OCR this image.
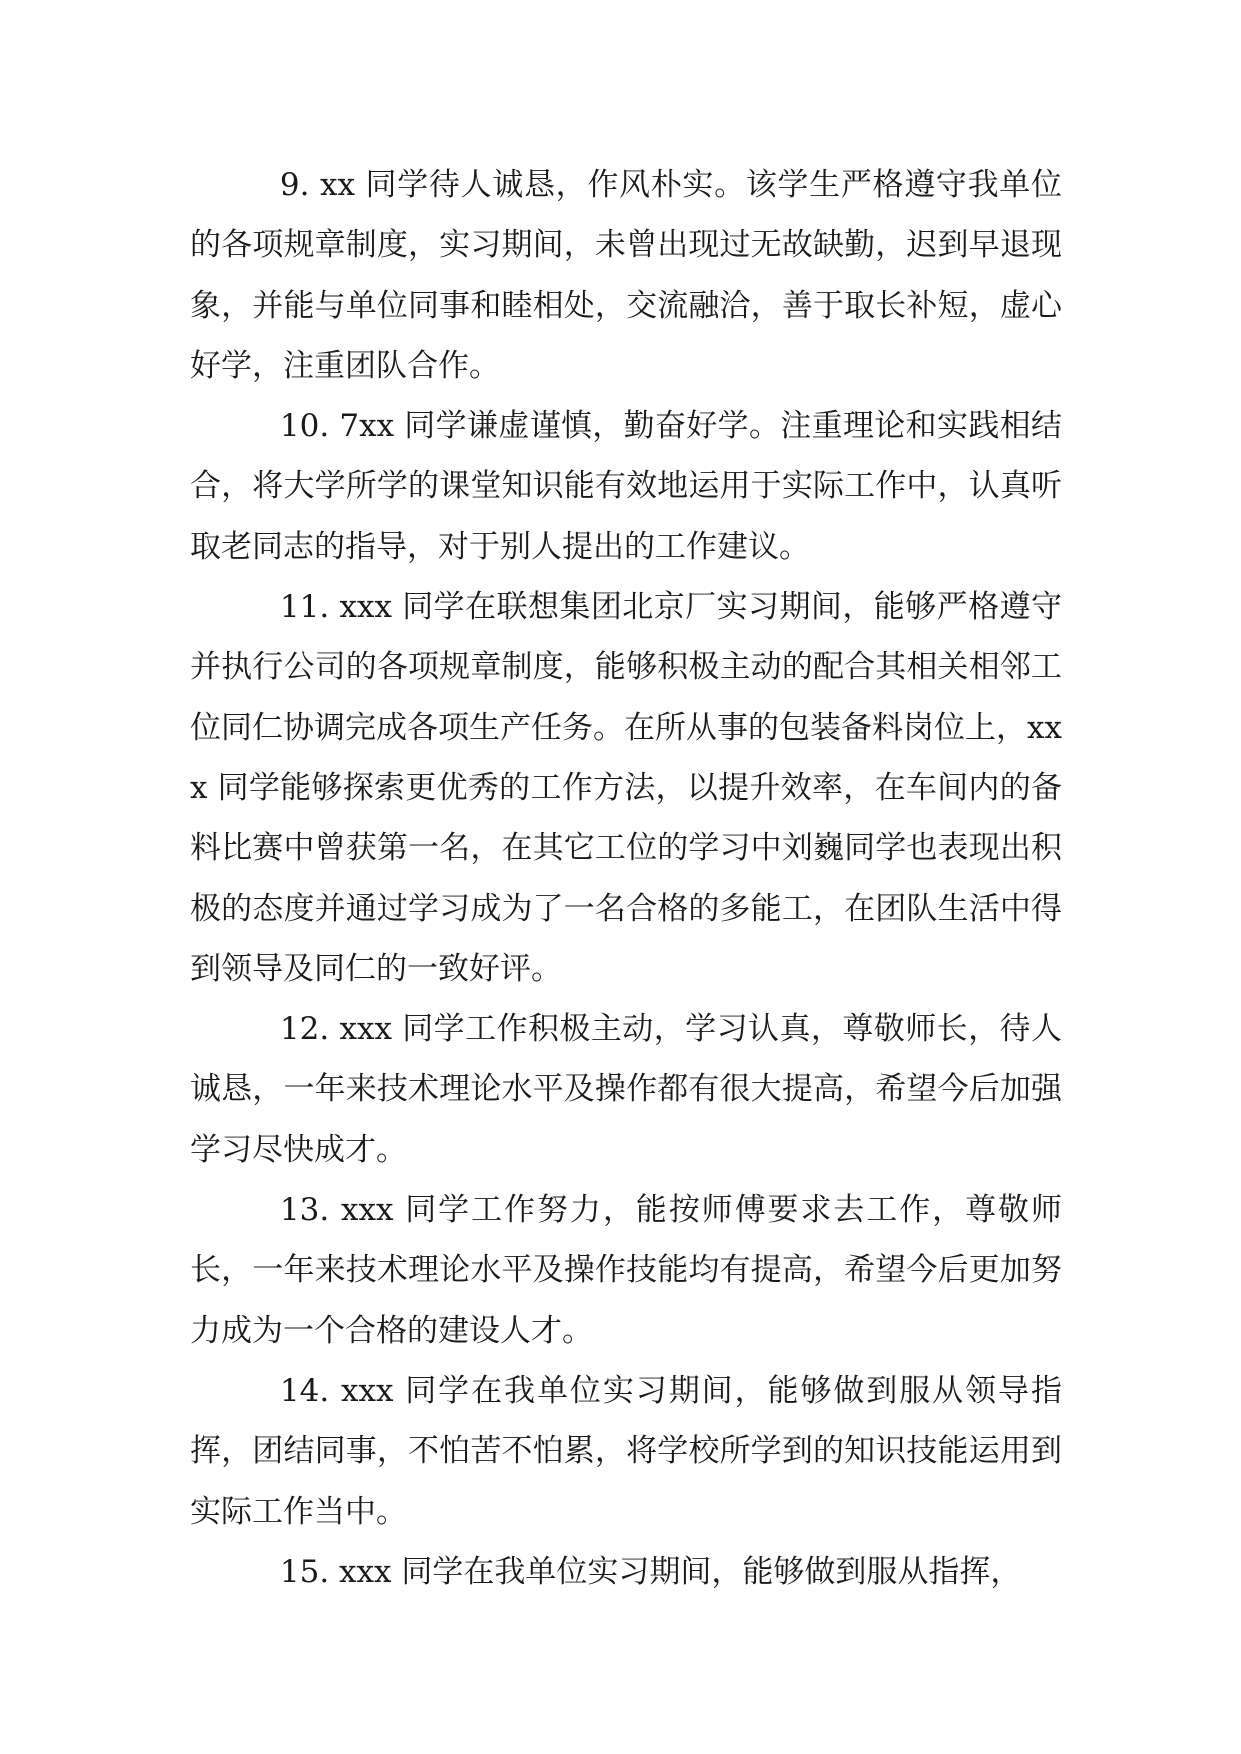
9. xx 同学待人诚恳，作风朴实。该学生严格遵守我单位的各项规章制度，实习期间，未曾出现过无故缺勤，迟到早退现象，并能与单位同事和睦相处，交流融洽，善于取长补短，虚心好学，注重团队合作。

10. 7xx 同学谦虚谨慎，勤奋好学。注重理论和实践相结合，将大学所学的课堂知识能有效地运用于实际工作中，认真听取老同志的指导，对于别人提出的工作建议。

11. xxx 同学在联想集团北京厂实习期间，能够严格遵守并执行公司的各项规章制度，能够积极主动的配合其相关相邻工位同仁协调完成各项生产任务。在所从事的包装备料岗位上，xxx 同学能够探索更优秀的工作方法，以提升效率，在车间内的备料比赛中曾获第一名，在其它工位的学习中刘巍同学也表现出积极的态度并通过学习成为了一名合格的多能工，在团队生活中得到领导及同仁的一致好评。

12. xxx 同学工作积极主动，学习认真，尊敬师长，待人诚恳，一年来技术理论水平及操作都有很大提高，希望今后加强学习尽快成才。

13. xxx 同学工作努力，能按师傅要求去工作，尊敬师长，一年来技术理论水平及操作技能均有提高，希望今后更加努力成为一个合格的建设人才。

14. xxx 同学在我单位实习期间，能够做到服从领导指挥，团结同事，不怕苦不怕累，将学校所学到的知识技能运用到实际工作当中。

15. xxx 同学在我单位实习期间，能够做到服从指挥，
